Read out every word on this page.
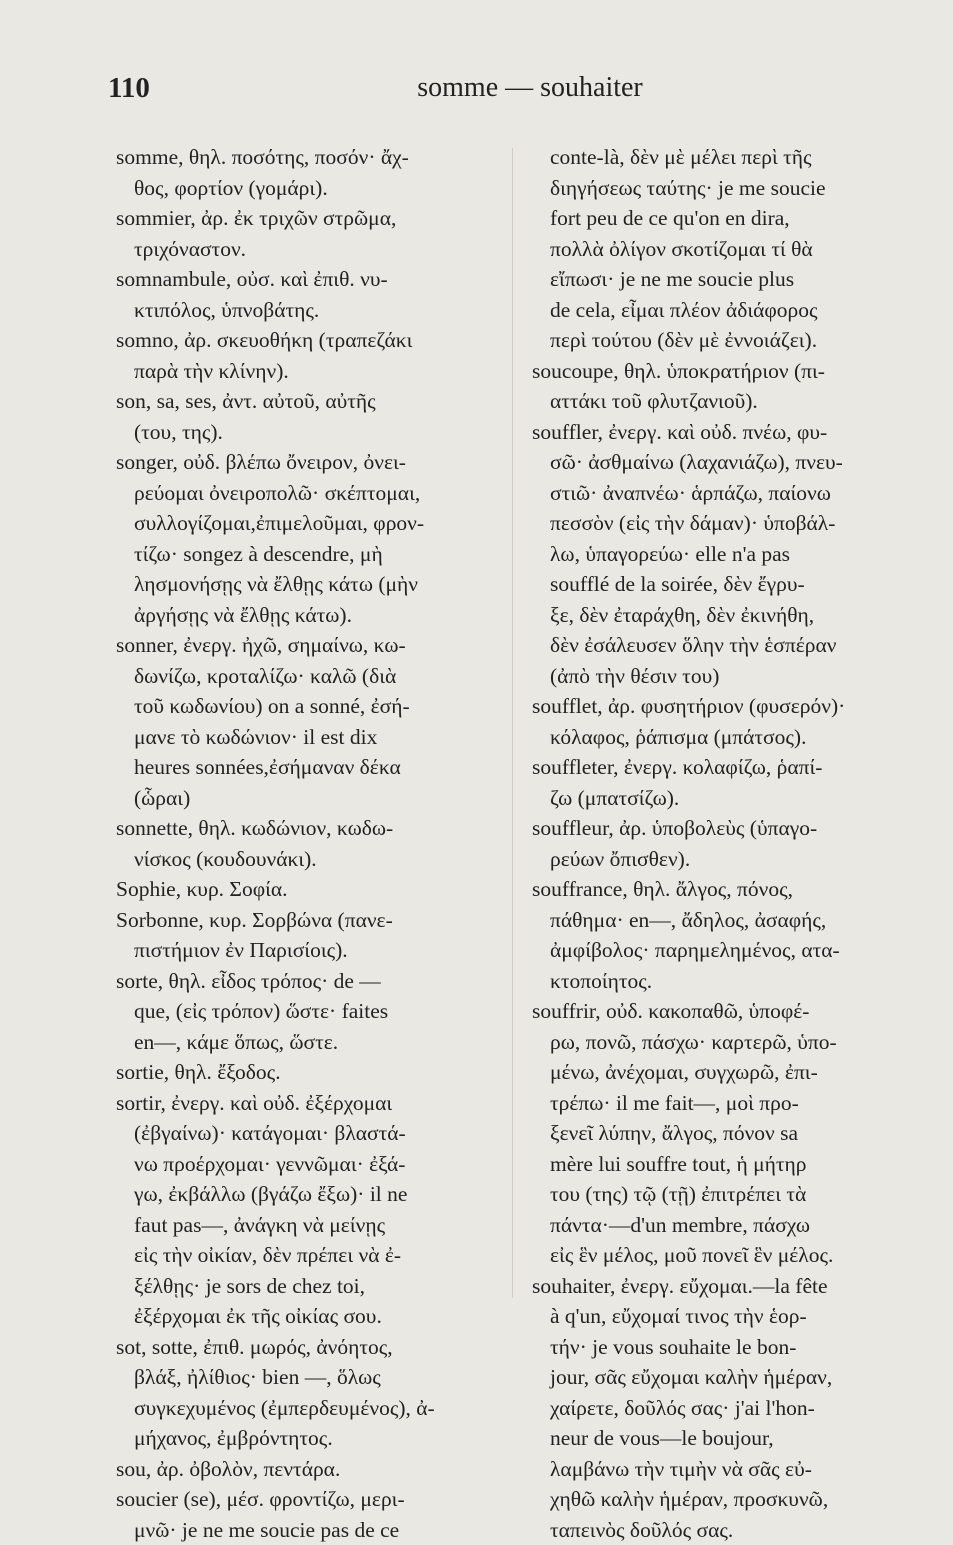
110	somme — souhaiter
somme, θηλ. ποσότης, ποσόν· ἄχ-
θος, φορτίον (γομάρι).
sommier, ἀρ. ἐκ τριχῶν στρῶμα,
τριχόναστον.
somnambule, οὐσ. καὶ ἐπιθ. νυ-
κτιπόλος, ὑπνοβάτης.
somno, ἀρ. σκευοθήκη (τραπεζάκι
παρὰ τὴν κλίνην).
son, sa, ses, ἀντ. αὐτοῦ, αὐτῆς
(του, της).
songer, οὐδ. βλέπω ὄνειρον, ὀνει-
ρεύομαι ὀνειροπολῶ· σκέπτομαι,
συλλογίζομαι,ἐπιμελοῦμαι, φρον-
τίζω· songez à descendre, μὴ
λησμονήσῃς νὰ ἔλθῃς κάτω (μὴν
ἀργήσῃς νὰ ἔλθῃς κάτω).
sonner, ἐνεργ. ἠχῶ, σημαίνω, κω-
δωνίζω, κροταλίζω· καλῶ (διὰ
τοῦ κωδωνίου) on a sonné, ἐσή-
μανε τὸ κωδώνιον· il est dix
heures sonnées,ἐσήμαναν δέκα
(ὧραι)
sonnette, θηλ. κωδώνιον, κωδω-
νίσκος (κουδουνάκι).
Sophie, κυρ. Σοφία.
Sorbonne, κυρ. Σορβώνα (πανε-
πιστήμιον ἐν Παρισίοις).
sorte, θηλ. εἶδος τρόπος· de —
que, (εἰς τρόπον) ὥστε· faites
en—, κάμε ὅπως, ὥστε.
sortie, θηλ. ἔξοδος.
sortir, ἐνεργ. καὶ οὐδ. ἐξέρχομαι
(ἐβγαίνω)· κατάγομαι· βλαστά-
νω προέρχομαι· γεννῶμαι· ἐξά-
γω, ἐκβάλλω (βγάζω ἔξω)· il ne
faut pas—, ἀνάγκη νὰ μείνῃς
εἰς τὴν οἰκίαν, δὲν πρέπει νὰ ἐ-
ξέλθῃς· je sors de chez toi,
ἐξέρχομαι ἐκ τῆς οἰκίας σου.
sot, sotte, ἐπιθ. μωρός, ἀνόητος,
βλάξ, ἠλίθιος· bien —, ὅλως
συγκεχυμένος (ἐμπερδευμένος), ἀ-
μήχανος, ἐμβρόντητος.
sou, ἀρ. ὀβολὸν, πεντάρα.
soucier (se), μέσ. φροντίζω, μερι-
μνῶ· je ne me soucie pas de ce
conte-là, δὲν μὲ μέλει περὶ τῆς
διηγήσεως ταύτης· je me soucie
fort peu de ce qu'on en dira,
πολλὰ ὀλίγον σκοτίζομαι τί θὰ
εἴπωσι· je ne me soucie plus
de cela, εἶμαι πλέον ἀδιάφορος
περὶ τούτου (δὲν μὲ ἐννοιάζει).
soucoupe, θηλ. ὑποκρατήριον (πι-
αττάκι τοῦ φλυτζανιοῦ).
souffler, ἐνεργ. καὶ οὐδ. πνέω, φυ-
σῶ· ἀσθμαίνω (λαχανιάζω), πνευ-
στιῶ· ἀναπνέω· ἁρπάζω, παίονω
πεσσὸν (εἰς τὴν δάμαν)· ὑποβάλ-
λω, ὑπαγορεύω· elle n'a pas
soufflé de la soirée, δὲν ἔγρυ-
ξε, δὲν ἐταράχθη, δὲν ἐκινήθη,
δὲν ἐσάλευσεν ὅλην τὴν ἑσπέραν
(ἀπὸ τὴν θέσιν του)
soufflet, ἀρ. φυσητήριον (φυσερόν)·
κόλαφος, ῥάπισμα (μπάτσος).
souffleter, ἐνεργ. κολαφίζω, ῥαπί-
ζω (μπατσίζω).
souffleur, ἀρ. ὑποβολεὺς (ὑπαγο-
ρεύων ὄπισθεν).
souffrance, θηλ. ἄλγος, πόνος,
πάθημα· en—, ἄδηλος, ἀσαφής,
ἀμφίβολος· παρημελημένος, ατα-
κτοποίητος.
souffrir, οὐδ. κακοπαθῶ, ὑποφέ-
ρω, πονῶ, πάσχω· καρτερῶ, ὑπο-
μένω, ἀνέχομαι, συγχωρῶ, ἐπι-
τρέπω· il me fait—, μοὶ προ-
ξενεῖ λύπην, ἄλγος, πόνον sa
mère lui souffre tout, ἡ μήτηρ
του (της) τῷ (τῇ) ἐπιτρέπει τὰ
πάντα·—d'un membre, πάσχω
εἰς ἓν μέλος, μοῦ πονεῖ ἓν μέλος.
souhaiter, ἐνεργ. εὔχομαι.—la fête
à q'un, εὔχομαί τινος τὴν ἑορ-
τήν· je vous souhaite le bon-
jour, σᾶς εὔχομαι καλὴν ἡμέραν,
χαίρετε, δοῦλός σας· j'ai l'hon-
neur de vous—le boujour,
λαμβάνω τὴν τιμὴν νὰ σᾶς εὐ-
χηθῶ καλὴν ἡμέραν, προσκυνῶ,
ταπεινὸς δοῦλός σας.
